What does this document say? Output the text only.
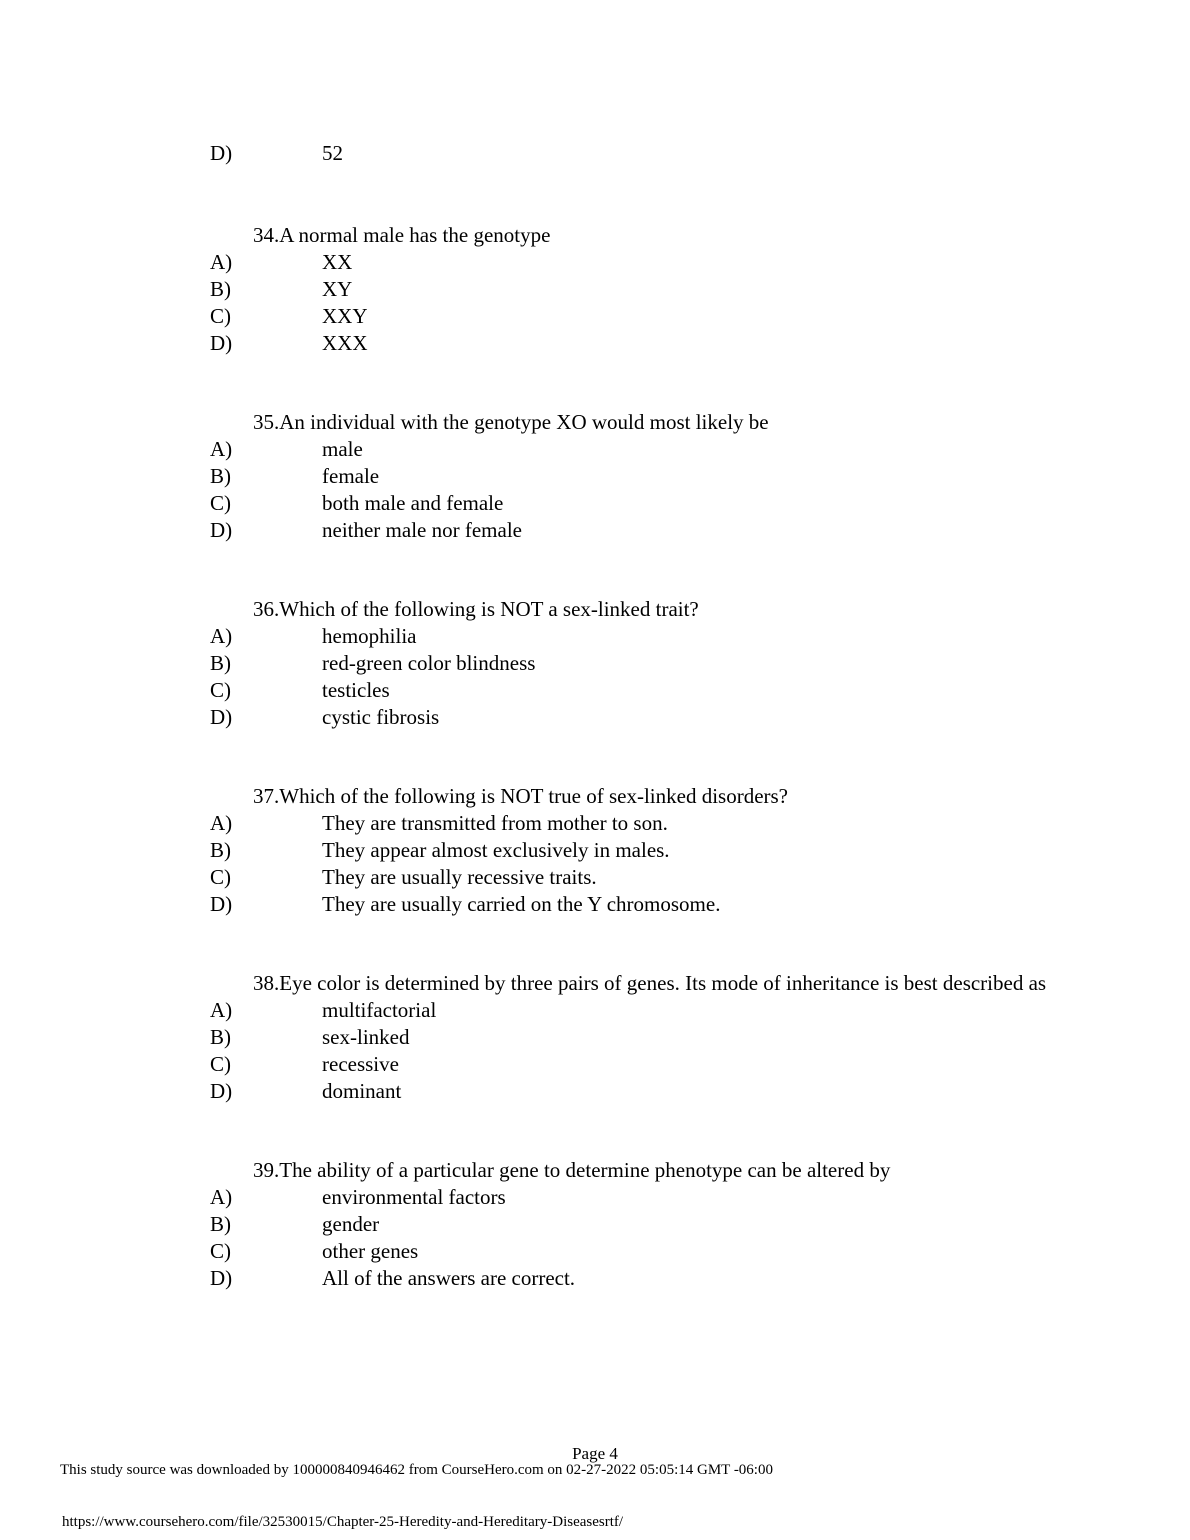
D)	52

34.A normal male has the genotype

A)	XX
B)	XY
C)	XXY
D)	XXX

35.An individual with the genotype XO would most likely be

A)	male
B)	female
C)	both male and female
D)	neither male nor female

36.Which of the following is NOT a sex-linked trait?

A)	hemophilia
B)	red-green color blindness
C)	testicles
D)	cystic fibrosis

37.Which of the following is NOT true of sex-linked disorders?

A)	They are transmitted from mother to son.
B)	They appear almost exclusively in males.
C)	They are usually recessive traits.
D)	They are usually carried on the Y chromosome.

38.Eye color is determined by three pairs of genes. Its mode of inheritance is best described as

A)	multifactorial
B)	sex-linked
C)	recessive
D)	dominant

39.The ability of a particular gene to determine phenotype can be altered by

A)	environmental factors
B)	gender
C)	other genes
D)	All of the answers are correct.
Page 4
This study source was downloaded by 100000840946462 from CourseHero.com on 02-27-2022 05:05:14 GMT -06:00
https://www.coursehero.com/file/32530015/Chapter-25-Heredity-and-Hereditary-Diseasesrtf/
